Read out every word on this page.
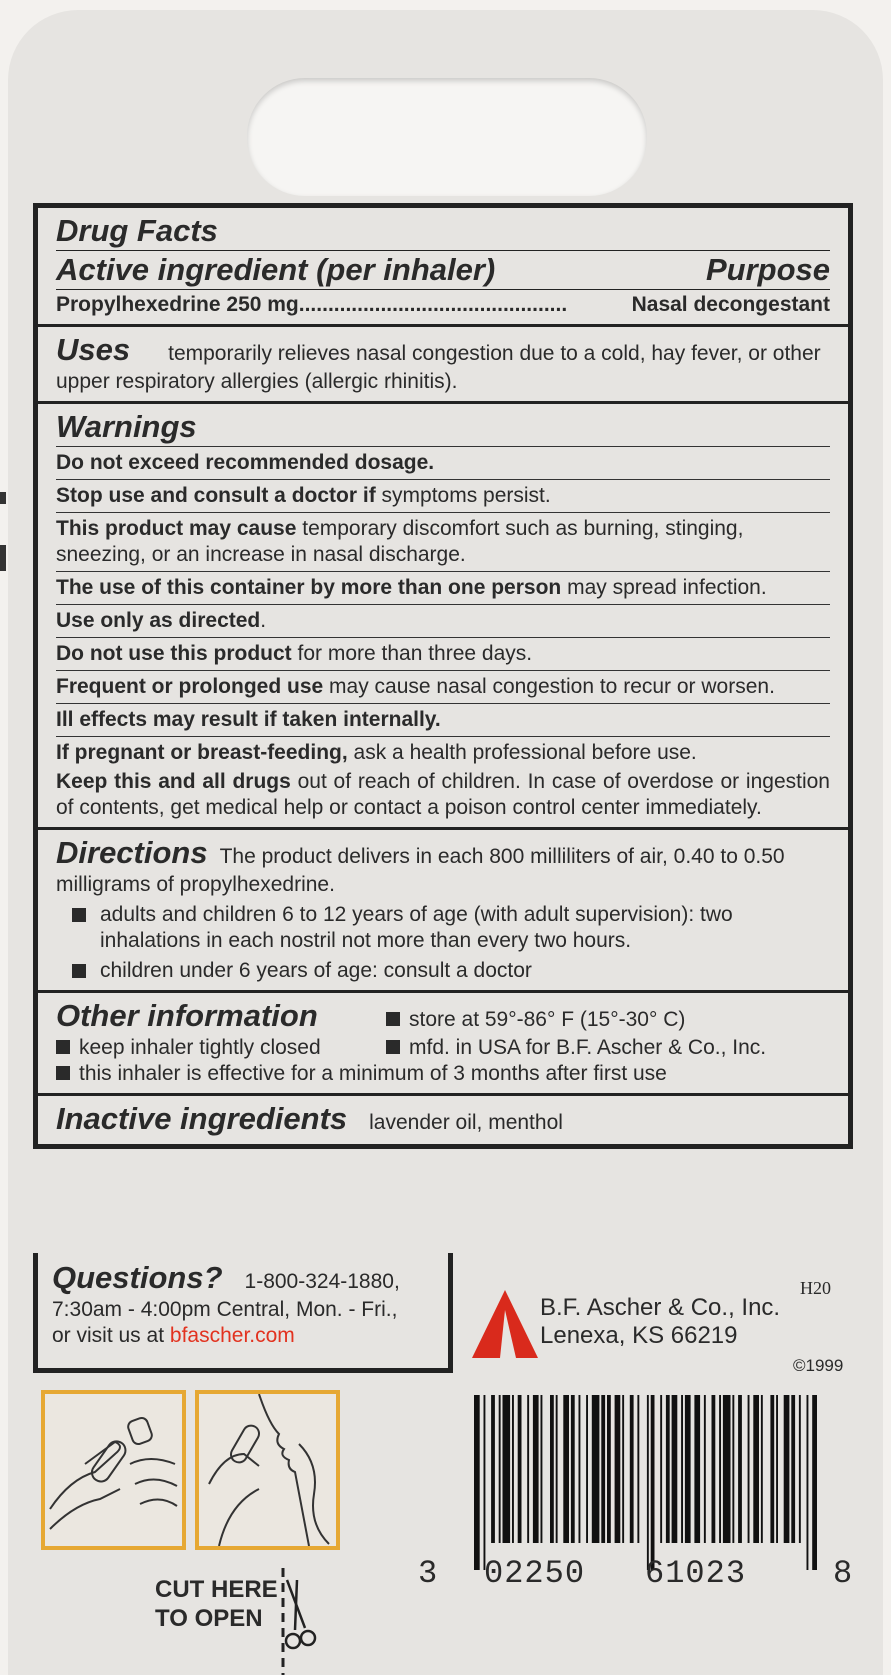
Drug Facts
Active ingredient (per inhaler)	Purpose
Propylhexedrine 250 mg ..............................................	Nasal decongestant
Uses temporarily relieves nasal congestion due to a cold, hay fever, or other upper respiratory allergies (allergic rhinitis).
Warnings
Do not exceed recommended dosage.
Stop use and consult a doctor if symptoms persist.
This product may cause temporary discomfort such as burning, stinging, sneezing, or an increase in nasal discharge.
The use of this container by more than one person may spread infection.
Use only as directed.
Do not use this product for more than three days.
Frequent or prolonged use may cause nasal congestion to recur or worsen.
Ill effects may result if taken internally.
If pregnant or breast-feeding, ask a health professional before use.
Keep this and all drugs out of reach of children. In case of overdose or ingestion of contents, get medical help or contact a poison control center immediately.
Directions The product delivers in each 800 milliliters of air, 0.40 to 0.50 milligrams of propylhexedrine.
adults and children 6 to 12 years of age (with adult supervision): two inhalations in each nostril not more than every two hours.
children under 6 years of age: consult a doctor
Other information	store at 59°-86° F (15°-30° C)
keep inhaler tightly closed	mfd. in USA for B.F. Ascher & Co., Inc.
this inhaler is effective for a minimum of 3 months after first use
Inactive ingredients lavender oil, menthol
Questions? 1-800-324-1880,
7:30am - 4:00pm Central, Mon. - Fri.,
or visit us at bfascher.com
H20
B.F. Ascher & Co., Inc.
Lenexa, KS 66219
©1999
3 02250 61023	8
CUT HERE
TO OPEN
